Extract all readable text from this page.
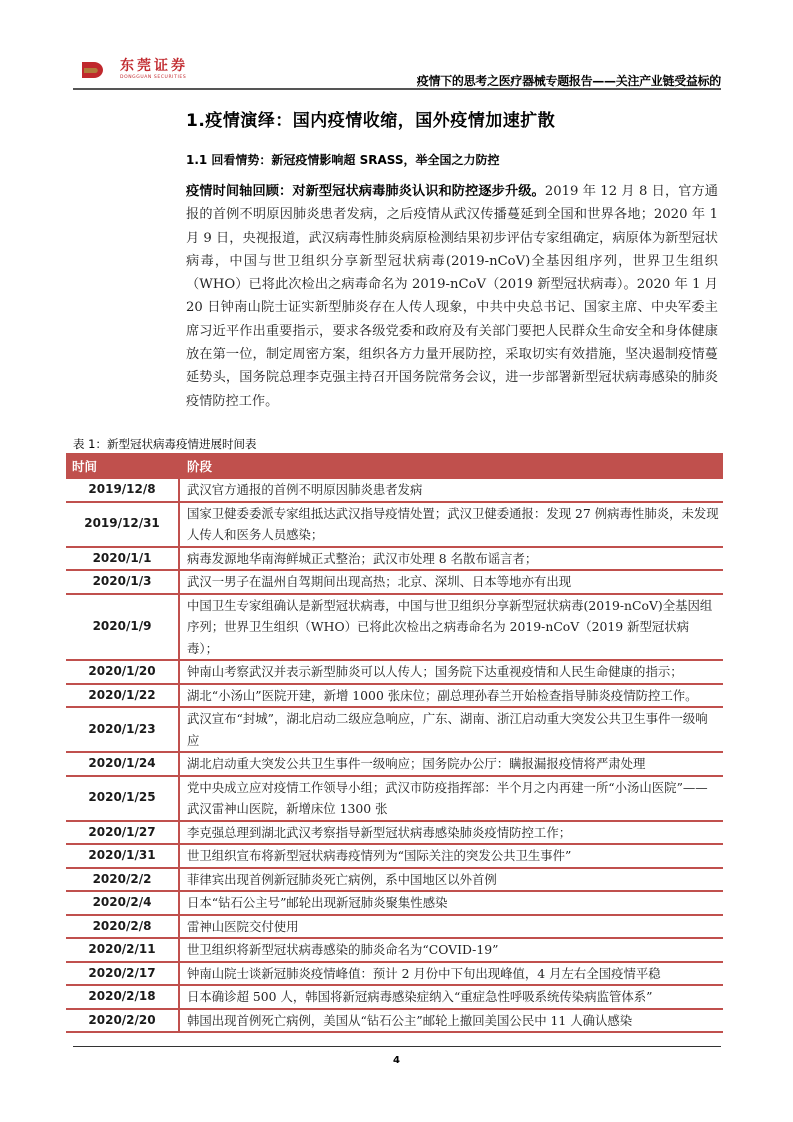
东莞证券
DONGGUAN SECURITIES	疫情下的思考之医疗器械专题报告——关注产业链受益标的
1.疫情演绎：国内疫情收缩，国外疫情加速扩散
1.1 回看情势：新冠疫情影响超 SRASS，举全国之力防控
疫情时间轴回顾：对新型冠状病毒肺炎认识和防控逐步升级。2019 年 12 月 8 日，官方通报的首例不明原因肺炎患者发病，之后疫情从武汉传播蔓延到全国和世界各地；2020 年 1 月 9 日，央视报道，武汉病毒性肺炎病原检测结果初步评估专家组确定，病原体为新型冠状病毒，中国与世卫组织分享新型冠状病毒(2019-nCoV)全基因组序列，世界卫生组织（WHO）已将此次检出之病毒命名为 2019-nCoV（2019 新型冠状病毒）。2020 年 1 月 20 日钟南山院士证实新型肺炎存在人传人现象，中共中央总书记、国家主席、中央军委主席习近平作出重要指示，要求各级党委和政府及有关部门要把人民群众生命安全和身体健康放在第一位，制定周密方案，组织各方力量开展防控，采取切实有效措施，坚决遏制疫情蔓延势头，国务院总理李克强主持召开国务院常务会议，进一步部署新型冠状病毒感染的肺炎疫情防控工作。
表 1：新型冠状病毒疫情进展时间表
时间	阶段
2019/12/8	武汉官方通报的首例不明原因肺炎患者发病
2019/12/31	国家卫健委委派专家组抵达武汉指导疫情处置；武汉卫健委通报：发现 27 例病毒性肺炎，未发现人传人和医务人员感染；
2020/1/1	病毒发源地华南海鲜城正式整治；武汉市处理 8 名散布谣言者；
2020/1/3	武汉一男子在温州自驾期间出现高热；北京、深圳、日本等地亦有出现
2020/1/9	中国卫生专家组确认是新型冠状病毒，中国与世卫组织分享新型冠状病毒(2019-nCoV)全基因组序列；世界卫生组织（WHO）已将此次检出之病毒命名为 2019-nCoV（2019 新型冠状病毒）；
2020/1/20	钟南山考察武汉并表示新型肺炎可以人传人；国务院下达重视疫情和人民生命健康的指示；
2020/1/22	湖北“小汤山”医院开建，新增 1000 张床位；副总理孙春兰开始检查指导肺炎疫情防控工作。
2020/1/23	武汉宣布“封城”，湖北启动二级应急响应，广东、湖南、浙江启动重大突发公共卫生事件一级响应
2020/1/24	湖北启动重大突发公共卫生事件一级响应；国务院办公厅：瞒报漏报疫情将严肃处理
2020/1/25	党中央成立应对疫情工作领导小组；武汉市防疫指挥部：半个月之内再建一所“小汤山医院”——武汉雷神山医院，新增床位 1300 张
2020/1/27	李克强总理到湖北武汉考察指导新型冠状病毒感染肺炎疫情防控工作；
2020/1/31	世卫组织宣布将新型冠状病毒疫情列为“国际关注的突发公共卫生事件”
2020/2/2	菲律宾出现首例新冠肺炎死亡病例，系中国地区以外首例
2020/2/4	日本“钻石公主号”邮轮出现新冠肺炎聚集性感染
2020/2/8	雷神山医院交付使用
2020/2/11	世卫组织将新型冠状病毒感染的肺炎命名为“COVID-19”
2020/2/17	钟南山院士谈新冠肺炎疫情峰值：预计 2 月份中下旬出现峰值，4 月左右全国疫情平稳
2020/2/18	日本确诊超 500 人，韩国将新冠病毒感染症纳入“重症急性呼吸系统传染病监管体系”
2020/2/20	韩国出现首例死亡病例，美国从“钻石公主”邮轮上撤回美国公民中 11 人确认感染
4
